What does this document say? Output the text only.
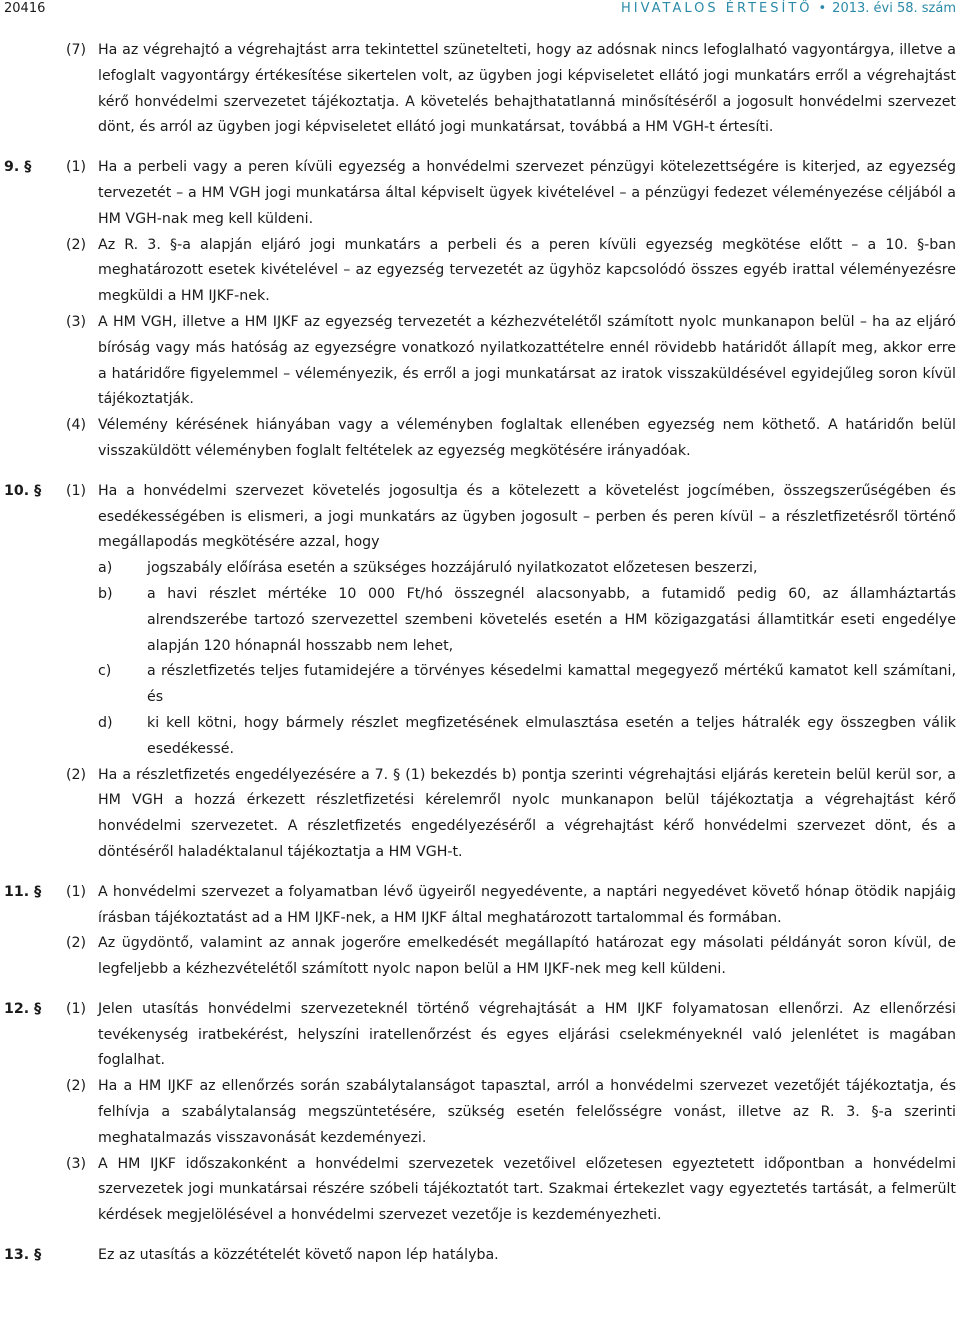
20416	HIVATALOS ÉRTESÍTŐ • 2013. évi 58. szám
(7) Ha az végrehajtó a végrehajtást arra tekintettel szünetelteti, hogy az adósnak nincs lefoglalható vagyontárgya, illetve a lefoglalt vagyontárgy értékesítése sikertelen volt, az ügyben jogi képviseletet ellátó jogi munkatárs erről a végrehajtást kérő honvédelmi szervezetet tájékoztatja. A követelés behajthatatlanná minősítéséről a jogosult honvédelmi szervezet dönt, és arról az ügyben jogi képviseletet ellátó jogi munkatársat, továbbá a HM VGH-t értesíti.
9. §	(1) Ha a perbeli vagy a peren kívüli egyezség a honvédelmi szervezet pénzügyi kötelezettségére is kiterjed, az egyezség tervezetét – a HM VGH jogi munkatársa által képviselt ügyek kivételével – a pénzügyi fedezet véleményezése céljából a HM VGH-nak meg kell küldeni.
(2) Az R. 3. §-a alapján eljáró jogi munkatárs a perbeli és a peren kívüli egyezség megkötése előtt – a 10. §-ban meghatározott esetek kivételével – az egyezség tervezetét az ügyhöz kapcsolódó összes egyéb irattal véleményezésre megküldi a HM IJKF-nek.
(3) A HM VGH, illetve a HM IJKF az egyezség tervezetét a kézhezvételétől számított nyolc munkanapon belül – ha az eljáró bíróság vagy más hatóság az egyezségre vonatkozó nyilatkozattételre ennél rövidebb határidőt állapít meg, akkor erre a határidőre figyelemmel – véleményezik, és erről a jogi munkatársat az iratok visszaküldésével egyidejűleg soron kívül tájékoztatják.
(4) Vélemény kérésének hiányában vagy a véleményben foglaltak ellenében egyezség nem köthető. A határidőn belül visszaküldött véleményben foglalt feltételek az egyezség megkötésére irányadóak.
10. §	(1) Ha a honvédelmi szervezet követelés jogosultja és a kötelezett a követelést jogcímében, összegszerűségében és esedékességében is elismeri, a jogi munkatárs az ügyben jogosult – perben és peren kívül – a részletfizetésről történő megállapodás megkötésére azzal, hogy
a) jogszabály előírása esetén a szükséges hozzájáruló nyilatkozatot előzetesen beszerzi,
b) a havi részlet mértéke 10 000 Ft/hó összegnél alacsonyabb, a futamidő pedig 60, az államháztartás alrendszerébe tartozó szervezettel szembeni követelés esetén a HM közigazgatási államtitkár eseti engedélye alapján 120 hónapnál hosszabb nem lehet,
c)	a részletfizetés teljes futamidejére a törvényes késedelmi kamattal megegyező mértékű kamatot kell számítani, és
d) ki kell kötni, hogy bármely részlet megfizetésének elmulasztása esetén a teljes hátralék egy összegben válik esedékessé.
(2) Ha a részletfizetés engedélyezésére a 7. § (1) bekezdés b) pontja szerinti végrehajtási eljárás keretein belül kerül sor, a HM VGH a hozzá érkezett részletfizetési kérelemről nyolc munkanapon belül tájékoztatja a végrehajtást kérő honvédelmi szervezetet. A részletfizetés engedélyezéséről a végrehajtást kérő honvédelmi szervezet dönt, és a döntéséről haladéktalanul tájékoztatja a HM VGH-t.
11. §	(1) A honvédelmi szervezet a folyamatban lévő ügyeiről negyedévente, a naptári negyedévet követő hónap ötödik napjáig írásban tájékoztatást ad a HM IJKF-nek, a HM IJKF által meghatározott tartalommal és formában.
(2) Az ügydöntő, valamint az annak jogerőre emelkedését megállapító határozat egy másolati példányát soron kívül, de legfeljebb a kézhezvételétől számított nyolc napon belül a HM IJKF-nek meg kell küldeni.
12. §	(1) Jelen utasítás honvédelmi szervezeteknél történő végrehajtását a HM IJKF folyamatosan ellenőrzi. Az ellenőrzési tevékenység iratbekérést, helyszíni iratellenőrzést és egyes eljárási cselekményeknél való jelenlétet is magában foglalhat.
(2) Ha a HM IJKF az ellenőrzés során szabálytalanságot tapasztal, arról a honvédelmi szervezet vezetőjét tájékoztatja, és felhívja a szabálytalanság megszüntetésére, szükség esetén felelősségre vonást, illetve az R. 3. §-a szerinti meghatalmazás visszavonását kezdeményezi.
(3) A HM IJKF időszakonként a honvédelmi szervezetek vezetőivel előzetesen egyeztetett időpontban a honvédelmi szervezetek jogi munkatársai részére szóbeli tájékoztatót tart. Szakmai értekezlet vagy egyeztetés tartását, a felmerült kérdések megjelölésével a honvédelmi szervezet vezetője is kezdeményezheti.
13. §	Ez az utasítás a közzétételét követő napon lép hatályba.
